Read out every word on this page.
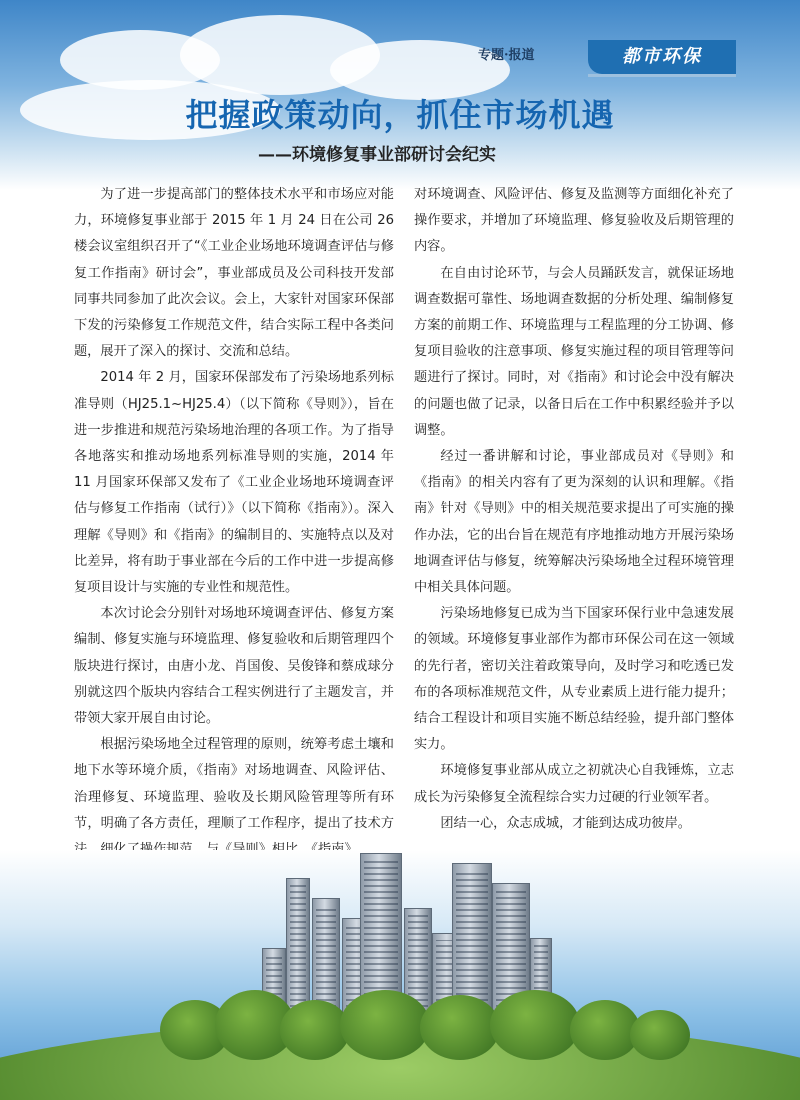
专题·报道	都市环保
把握政策动向，抓住市场机遇
——环境修复事业部研讨会纪实

为了进一步提高部门的整体技术水平和市场应对能力，环境修复事业部于 2015 年 1 月 24 日在公司 26 楼会议室组织召开了“《工业企业场地环境调查评估与修复工作指南》研讨会”，事业部成员及公司科技开发部同事共同参加了此次会议。会上，大家针对国家环保部下发的污染修复工作规范文件，结合实际工程中各类问题，展开了深入的探讨、交流和总结。

2014 年 2 月，国家环保部发布了污染场地系列标准导则（HJ25.1~HJ25.4）（以下简称《导则》），旨在进一步推进和规范污染场地治理的各项工作。为了指导各地落实和推动场地系列标准导则的实施，2014 年 11 月国家环保部又发布了《工业企业场地环境调查评估与修复工作指南（试行）》（以下简称《指南》）。深入理解《导则》和《指南》的编制目的、实施特点以及对比差异，将有助于事业部在今后的工作中进一步提高修复项目设计与实施的专业性和规范性。

本次讨论会分别针对场地环境调查评估、修复方案编制、修复实施与环境监理、修复验收和后期管理四个版块进行探讨，由唐小龙、肖国俊、吴俊锋和蔡成球分别就这四个版块内容结合工程实例进行了主题发言，并带领大家开展自由讨论。

根据污染场地全过程管理的原则，统筹考虑土壤和地下水等环境介质，《指南》对场地调查、风险评估、治理修复、环境监理、验收及长期风险管理等所有环节，明确了各方责任，理顺了工作程序，提出了技术方

对环境调查、风险评估、修复及监测等方面细化补充了操作要求，并增加了环境监理、修复验收及后期管理的内容。

在自由讨论环节，与会人员踊跃发言，就保证场地调查数据可靠性、场地调查数据的分析处理、编制修复方案的前期工作、环境监理与工程监理的分工协调、修复项目验收的注意事项、修复实施过程的项目管理等问题进行了探讨。同时，对《指南》和讨论会中没有解决的问题也做了记录，以备日后在工作中积累经验并予以调整。

经过一番讲解和讨论，事业部成员对《导则》和《指南》的相关内容有了更为深刻的认识和理解。《指南》针对《导则》中的相关规范要求提出了可实施的操作办法，它的出台旨在规范有序地推动地方开展污染场地调查评估与修复，统筹解决污染场地全过程环境管理中相关具体问题。

污染场地修复已成为当下国家环保行业中急速发展的领域。环境修复事业部作为都市环保公司在这一领域的先行者，密切关注着政策导向，及时学习和吃透已发布的各项标准规范文件，从专业素质上进行能力提升；结合工程设计和项目实施不断总结经验，提升部门整体实力。

环境修复事业部从成立之初就决心自我锤炼，立志成长为污染修复全流程综合实力过硬的行业领军者。

团结一心，众志成城，才能到达成功彼岸。
